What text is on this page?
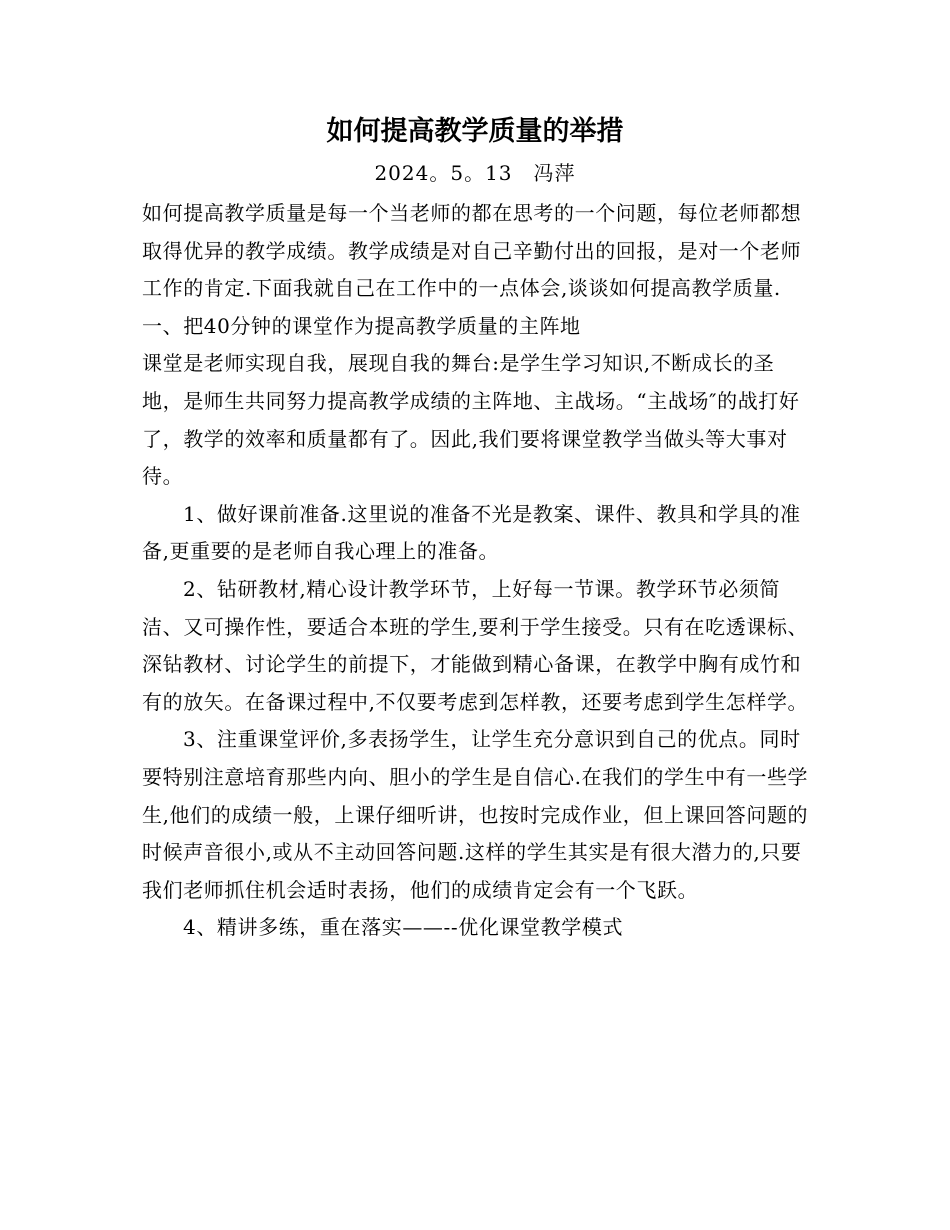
如何提高教学质量的举措
2024。5。13　冯萍

如何提高教学质量是每一个当老师的都在思考的一个问题，每位老师都想取得优异的教学成绩。教学成绩是对自己辛勤付出的回报，是对一个老师工作的肯定.下面我就自己在工作中的一点体会,谈谈如何提高教学质量.

一、把40分钟的课堂作为提高教学质量的主阵地

课堂是老师实现自我，展现自我的舞台:是学生学习知识,不断成长的圣地，是师生共同努力提高教学成绩的主阵地、主战场。“主战场″的战打好了，教学的效率和质量都有了。因此,我们要将课堂教学当做头等大事对待。

1、做好课前准备.这里说的准备不光是教案、课件、教具和学具的准备,更重要的是老师自我心理上的准备。

2、钻研教材,精心设计教学环节，上好每一节课。教学环节必须简洁、又可操作性，要适合本班的学生,要利于学生接受。只有在吃透课标、深钻教材、讨论学生的前提下，才能做到精心备课，在教学中胸有成竹和有的放矢。在备课过程中,不仅要考虑到怎样教，还要考虑到学生怎样学。

3、注重课堂评价,多表扬学生，让学生充分意识到自己的优点。同时要特别注意培育那些内向、胆小的学生是自信心.在我们的学生中有一些学生,他们的成绩一般，上课仔细听讲，也按时完成作业，但上课回答问题的时候声音很小,或从不主动回答问题.这样的学生其实是有很大潜力的,只要我们老师抓住机会适时表扬，他们的成绩肯定会有一个飞跃。

4、精讲多练，重在落实——--优化课堂教学模式
